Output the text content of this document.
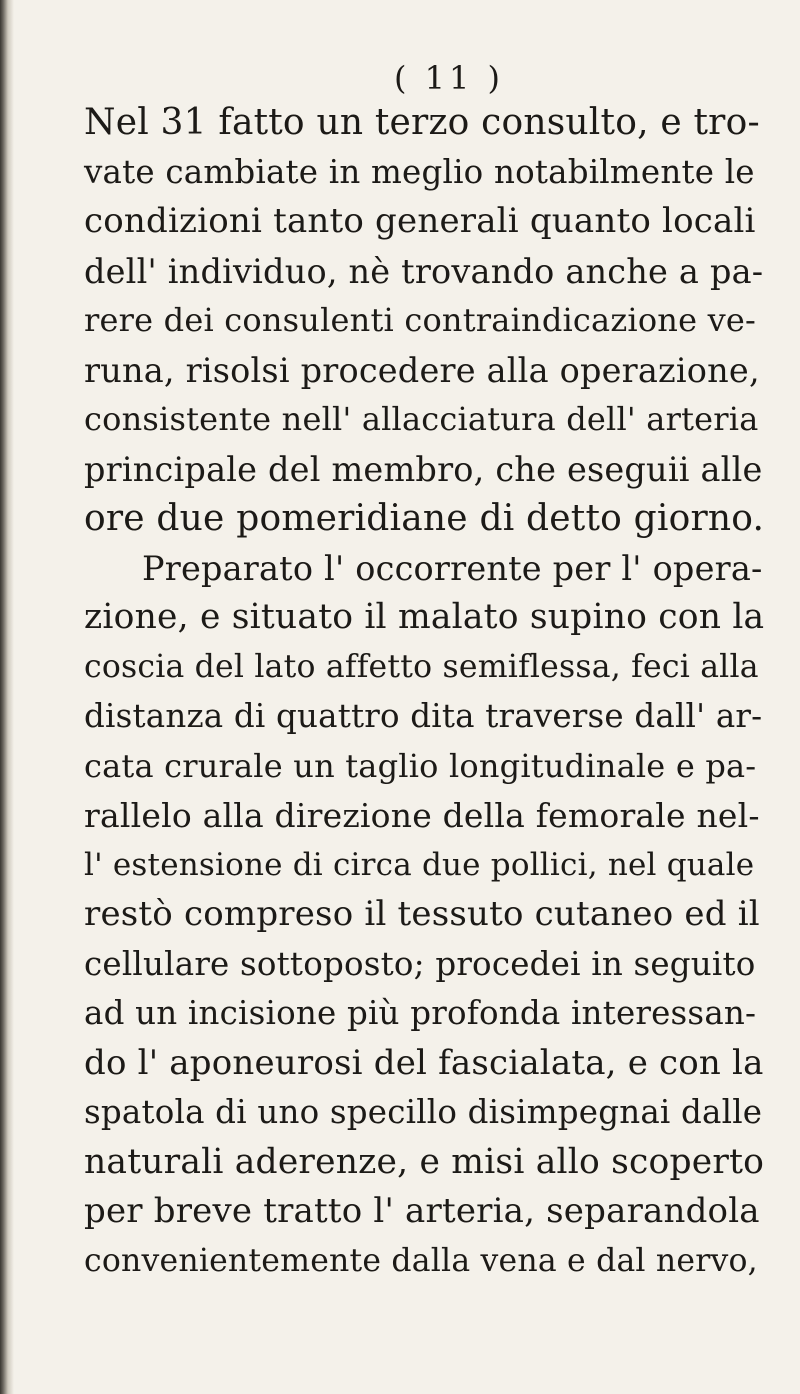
( 11 )
Nel 31 fatto un terzo consulto, e tro-
vate cambiate in meglio notabilmente le
condizioni tanto generali quanto locali
dell' individuo, nè trovando anche a pa-
rere dei consulenti contraindicazione ve-
runa, risolsi procedere alla operazione,
consistente nell' allacciatura dell' arteria
principale del membro, che eseguii alle
ore due pomeridiane di detto giorno.
Preparato l' occorrente per l' opera-
zione, e situato il malato supino con la
coscia del lato affetto semiflessa, feci alla
distanza di quattro dita traverse dall' ar-
cata crurale un taglio longitudinale e pa-
rallelo alla direzione della femorale nel-
l' estensione di circa due pollici, nel quale
restò compreso il tessuto cutaneo ed il
cellulare sottoposto; procedei in seguito
ad un incisione più profonda interessan-
do l' aponeurosi del fascialata, e con la
spatola di uno specillo disimpegnai dalle
naturali aderenze, e misi allo scoperto
per breve tratto l' arteria, separandola
convenientemente dalla vena e dal nervo,
